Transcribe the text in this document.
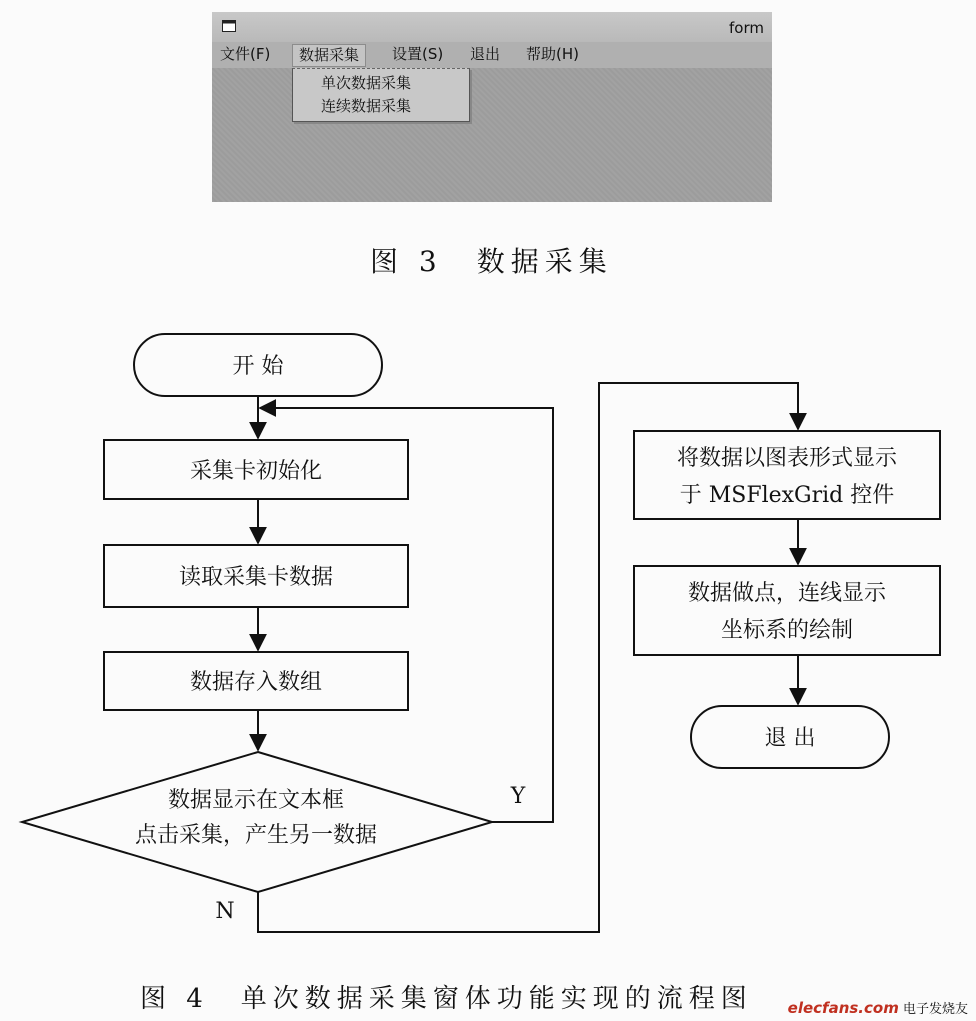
form
文件(F)	数据采集	设置(S) 退出 帮助(H)
单次数据采集
连续数据采集
图 3　数据采集
开 始
采集卡初始化
读取采集卡数据
数据存入数组
数据显示在文本框
点击采集，产生另一数据
Y
N
将数据以图表形式显示
于 MSFlexGrid 控件
数据做点，连线显示
坐标系的绘制
退 出
图 4　单次数据采集窗体功能实现的流程图 elecfans.com 电子发烧友
